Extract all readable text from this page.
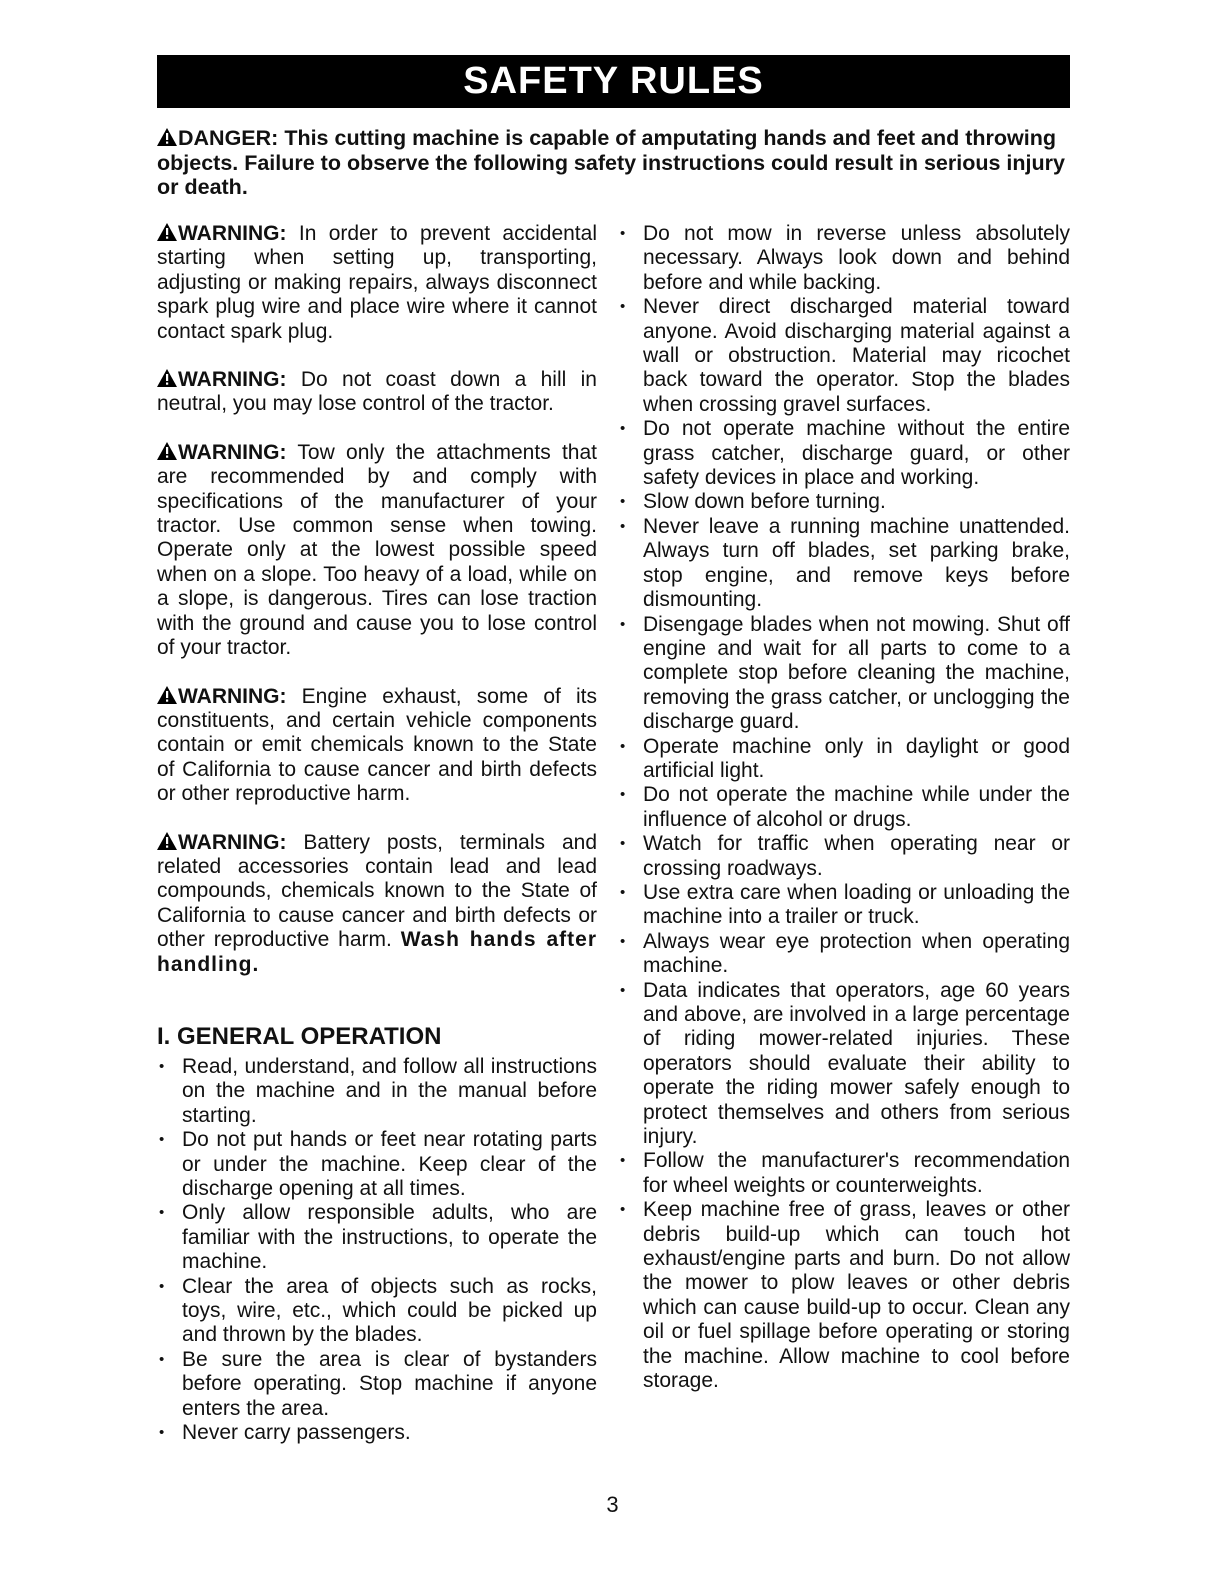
SAFETY RULES
DANGER: This cutting machine is capable of amputating hands and feet and throwing objects. Failure to observe the following safety instructions could result in serious injury or death.

WARNING: In order to prevent accidental starting when setting up, transporting, adjusting or making repairs, always disconnect spark plug wire and place wire where it cannot contact spark plug.

WARNING: Do not coast down a hill in neutral, you may lose control of the tractor.

WARNING: Tow only the attachments that are recommended by and comply with specifications of the manufacturer of your tractor. Use common sense when towing. Operate only at the lowest possible speed when on a slope. Too heavy of a load, while on a slope, is dangerous. Tires can lose traction with the ground and cause you to lose control of your tractor.

WARNING: Engine exhaust, some of its constituents, and certain vehicle components contain or emit chemicals known to the State of California to cause cancer and birth defects or other reproductive harm.

WARNING: Battery posts, terminals and related accessories contain lead and lead compounds, chemicals known to the State of California to cause cancer and birth defects or other reproductive harm. Wash hands after handling.

I. GENERAL OPERATION
• Read, understand, and follow all instructions on the machine and in the manual before starting.
• Do not put hands or feet near rotating parts or under the machine. Keep clear of the discharge opening at all times.
• Only allow responsible adults, who are familiar with the instructions, to operate the machine.
• Clear the area of objects such as rocks, toys, wire, etc., which could be picked up and thrown by the blades.
• Be sure the area is clear of bystanders before operating. Stop machine if anyone enters the area.
• Never carry passengers.
• Do not mow in reverse unless absolutely necessary. Always look down and behind before and while backing.
• Never direct discharged material toward anyone. Avoid discharging material against a wall or obstruction. Material may ricochet back toward the operator. Stop the blades when crossing gravel surfaces.
• Do not operate machine without the entire grass catcher, discharge guard, or other safety devices in place and working.
• Slow down before turning.
• Never leave a running machine unattended. Always turn off blades, set parking brake, stop engine, and remove keys before dismounting.
• Disengage blades when not mowing. Shut off engine and wait for all parts to come to a complete stop before cleaning the machine, removing the grass catcher, or unclogging the discharge guard.
• Operate machine only in daylight or good artificial light.
• Do not operate the machine while under the influence of alcohol or drugs.
• Watch for traffic when operating near or crossing roadways.
• Use extra care when loading or unloading the machine into a trailer or truck.
• Always wear eye protection when operating machine.
• Data indicates that operators, age 60 years and above, are involved in a large percentage of riding mower-related injuries. These operators should evaluate their ability to operate the riding mower safely enough to protect themselves and others from serious injury.
• Follow the manufacturer's recommendation for wheel weights or counterweights.
• Keep machine free of grass, leaves or other debris build-up which can touch hot exhaust/engine parts and burn. Do not allow the mower to plow leaves or other debris which can cause build-up to occur. Clean any oil or fuel spillage before operating or storing the machine. Allow machine to cool before storage.
3
